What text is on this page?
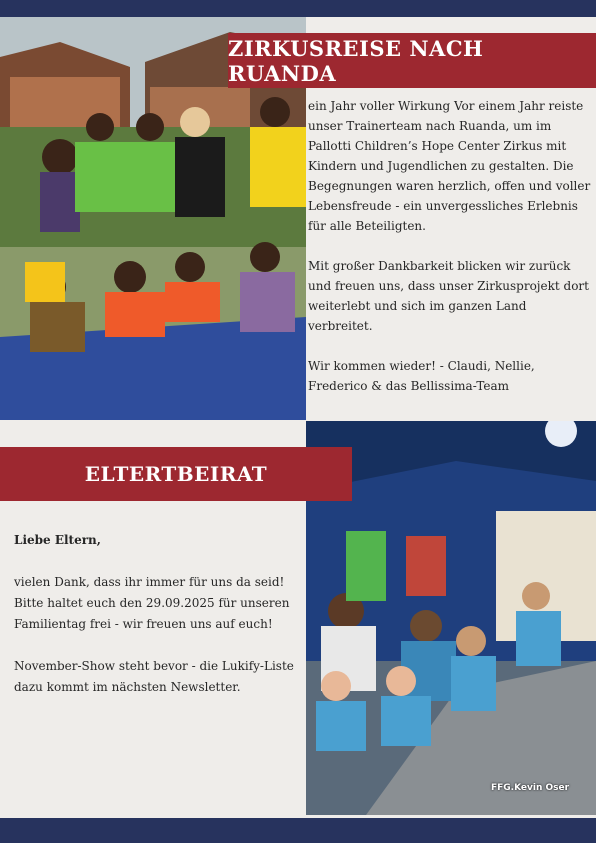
ZIRKUSREISE NACH RUANDA

ein Jahr voller Wirkung Vor einem Jahr reiste unser Trainerteam nach Ruanda, um im Pallotti Children’s Hope Center Zirkus mit Kindern und Jugendlichen zu gestalten. Die Begegnungen waren herzlich, offen und voller Lebensfreude - ein unvergessliches Erlebnis für alle Beteiligten.

Mit großer Dankbarkeit blicken wir zurück und freuen uns, dass unser Zirkusprojekt dort weiterlebt und sich im ganzen Land verbreitet.

Wir kommen wieder! - Claudi, Nellie, Frederico & das Bellissima-Team

FFG.Kevin Oser
ELTERTBEIRAT

Liebe Eltern,

vielen Dank, dass ihr immer für uns da seid! Bitte haltet euch den 29.09.2025 für unseren Familientag frei - wir freuen uns auf euch!

November-Show steht bevor - die Lukify-Liste dazu kommt im nächsten Newsletter.
